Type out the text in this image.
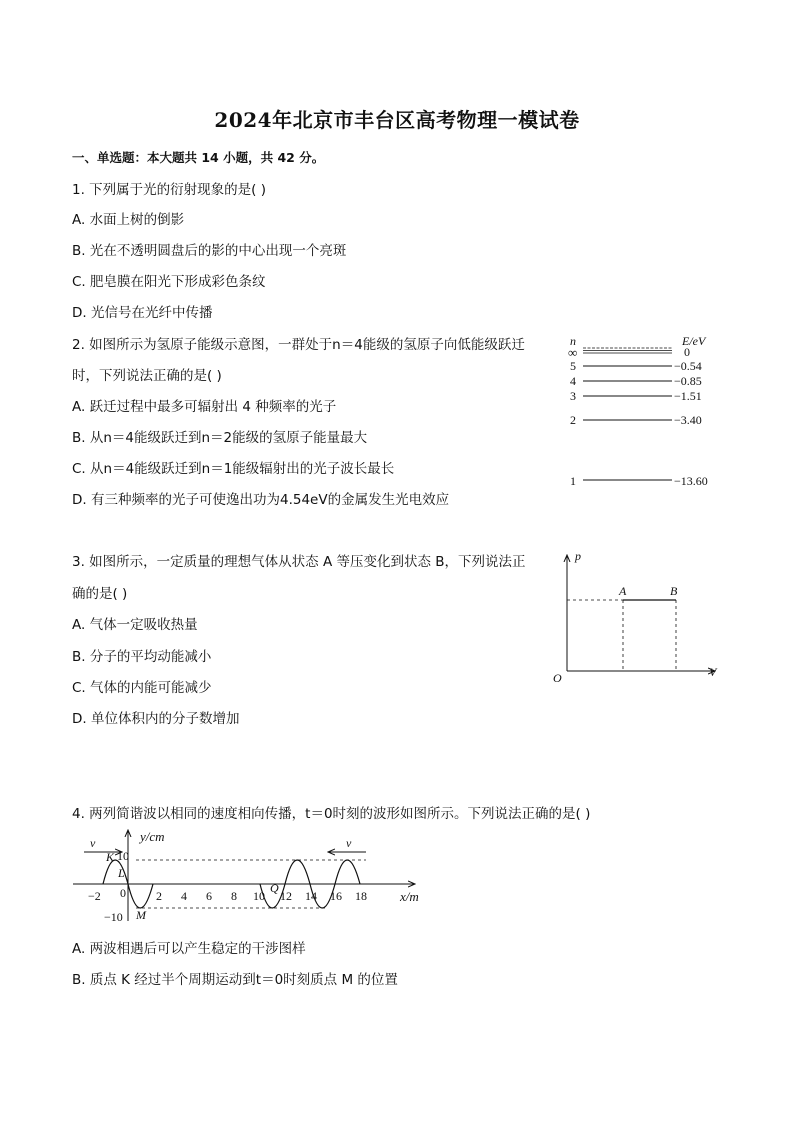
2024年北京市丰台区高考物理一模试卷
一、单选题：本大题共 14 小题，共 42 分。
1. 下列属于光的衍射现象的是( )
A. 水面上树的倒影
B. 光在不透明圆盘后的影的中心出现一个亮斑
C. 肥皂膜在阳光下形成彩色条纹
D. 光信号在光纤中传播
2. 如图所示为氢原子能级示意图，一群处于n＝4能级的氢原子向低能级跃迁
时，下列说法正确的是( )
A. 跃迁过程中最多可辐射出 4 种频率的光子
B. 从n＝4能级跃迁到n＝2能级的氢原子能量最大
C. 从n＝4能级跃迁到n＝1能级辐射出的光子波长最长
D. 有三种频率的光子可使逸出功为4.54eV的金属发生光电效应
n	E/eV
∞	0
5	−0.54
4	−0.85
3	−1.51
2	−3.40
1	−13.60
3. 如图所示，一定质量的理想气体从状态 A 等压变化到状态 B，下列说法正
确的是( )
A. 气体一定吸收热量
B. 分子的平均动能减小
C. 气体的内能可能减少
D. 单位体积内的分子数增加
p
V
O
A	B
4. 两列简谐波以相同的速度相向传播，t＝0时刻的波形如图所示。下列说法正确的是( )
y/cm
x/m
v	v
10
−10
−2 0	2 4 6 8 10 12 14 16 18
K
L
M
Q
A. 两波相遇后可以产生稳定的干涉图样
B. 质点 K 经过半个周期运动到t＝0时刻质点 M 的位置
